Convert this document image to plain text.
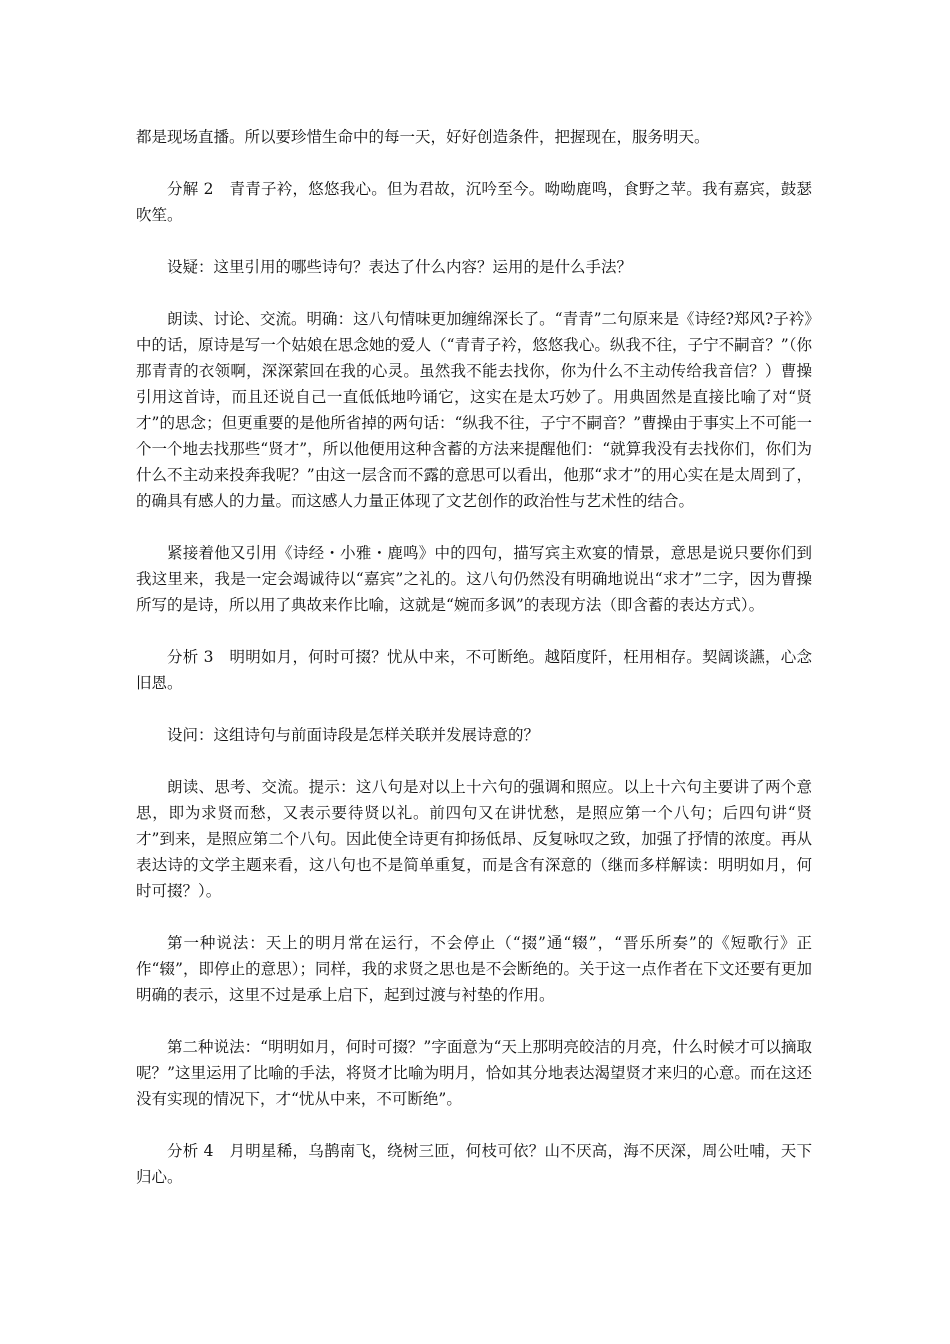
都是现场直播。所以要珍惜生命中的每一天，好好创造条件，把握现在，服务明天。

分解 2　青青子衿，悠悠我心。但为君故，沉吟至今。呦呦鹿鸣，食野之苹。我有嘉宾，鼓瑟吹笙。

设疑：这里引用的哪些诗句？表达了什么内容？运用的是什么手法？

朗读、讨论、交流。明确：这八句情味更加缠绵深长了。“青青”二句原来是《诗经?郑风?子衿》中的话，原诗是写一个姑娘在思念她的爱人（“青青子衿，悠悠我心。纵我不往，子宁不嗣音？”（你那青青的衣领啊，深深萦回在我的心灵。虽然我不能去找你，你为什么不主动传给我音信？）曹操引用这首诗，而且还说自己一直低低地吟诵它，这实在是太巧妙了。用典固然是直接比喻了对“贤才”的思念；但更重要的是他所省掉的两句话：“纵我不往，子宁不嗣音？”曹操由于事实上不可能一个一个地去找那些“贤才”，所以他便用这种含蓄的方法来提醒他们：“就算我没有去找你们，你们为什么不主动来投奔我呢？”由这一层含而不露的意思可以看出，他那“求才”的用心实在是太周到了，的确具有感人的力量。而这感人力量正体现了文艺创作的政治性与艺术性的结合。

紧接着他又引用《诗经・小雅・鹿鸣》中的四句，描写宾主欢宴的情景，意思是说只要你们到我这里来，我是一定会竭诚待以“嘉宾”之礼的。这八句仍然没有明确地说出“求才”二字，因为曹操所写的是诗，所以用了典故来作比喻，这就是“婉而多讽”的表现方法（即含蓄的表达方式）。

分析 3　明明如月，何时可掇？忧从中来，不可断绝。越陌度阡，枉用相存。契阔谈讌，心念旧恩。

设问：这组诗句与前面诗段是怎样关联并发展诗意的？

朗读、思考、交流。提示：这八句是对以上十六句的强调和照应。以上十六句主要讲了两个意思，即为求贤而愁，又表示要待贤以礼。前四句又在讲忧愁，是照应第一个八句；后四句讲“贤才”到来，是照应第二个八句。因此使全诗更有抑扬低昂、反复咏叹之致，加强了抒情的浓度。再从表达诗的文学主题来看，这八句也不是简单重复，而是含有深意的（继而多样解读：明明如月，何时可掇？）。

第一种说法：天上的明月常在运行，不会停止（“掇”通“辍”，“晋乐所奏”的《短歌行》正作“辍”，即停止的意思）；同样，我的求贤之思也是不会断绝的。关于这一点作者在下文还要有更加明确的表示，这里不过是承上启下，起到过渡与衬垫的作用。

第二种说法：“明明如月，何时可掇？”字面意为“天上那明亮皎洁的月亮，什么时候才可以摘取呢？”这里运用了比喻的手法，将贤才比喻为明月，恰如其分地表达渴望贤才来归的心意。而在这还没有实现的情况下，才“忧从中来，不可断绝”。

分析 4　月明星稀，乌鹊南飞，绕树三匝，何枝可依？山不厌高，海不厌深，周公吐哺，天下归心。
